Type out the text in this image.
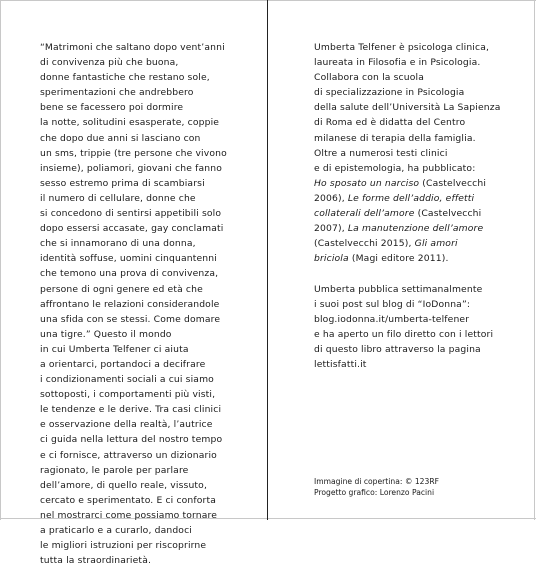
“Matrimoni che saltano dopo vent’anni
di convivenza più che buona,
donne fantastiche che restano sole,
sperimentazioni che andrebbero
bene se facessero poi dormire
la notte, solitudini esasperate, coppie
che dopo due anni si lasciano con
un sms, trippie (tre persone che vivono
insieme), poliamori, giovani che fanno
sesso estremo prima di scambiarsi
il numero di cellulare, donne che
si concedono di sentirsi appetibili solo
dopo essersi accasate, gay conclamati
che si innamorano di una donna,
identità soffuse, uomini cinquantenni
che temono una prova di convivenza,
persone di ogni genere ed età che
affrontano le relazioni considerandole
una sfida con se stessi. Come domare
una tigre.” Questo il mondo
in cui Umberta Telfener ci aiuta
a orientarci, portandoci a decifrare
i condizionamenti sociali a cui siamo
sottoposti, i comportamenti più visti,
le tendenze e le derive. Tra casi clinici
e osservazione della realtà, l’autrice
ci guida nella lettura del nostro tempo
e ci fornisce, attraverso un dizionario
ragionato, le parole per parlare
dell’amore, di quello reale, vissuto,
cercato e sperimentato. E ci conforta
nel mostrarci come possiamo tornare
a praticarlo e a curarlo, dandoci
le migliori istruzioni per riscoprirne
tutta la straordinarietà.
Umberta Telfener è psicologa clinica,
laureata in Filosofia e in Psicologia.
Collabora con la scuola
di specializzazione in Psicologia
della salute dell’Università La Sapienza
di Roma ed è didatta del Centro
milanese di terapia della famiglia.
Oltre a numerosi testi clinici
e di epistemologia, ha pubblicato:
Ho sposato un narciso (Castelvecchi
2006), Le forme dell’addio, effetti
collaterali dell’amore (Castelvecchi
2007), La manutenzione dell’amore
(Castelvecchi 2015), Gli amori
briciola (Magi editore 2011).
Umberta pubblica settimanalmente
i suoi post sul blog di “IoDonna”:
blog.iodonna.it/umberta-telfener
e ha aperto un filo diretto con i lettori
di questo libro attraverso la pagina
lettisfatti.it
Immagine di copertina: © 123RF
Progetto grafico: Lorenzo Pacini
